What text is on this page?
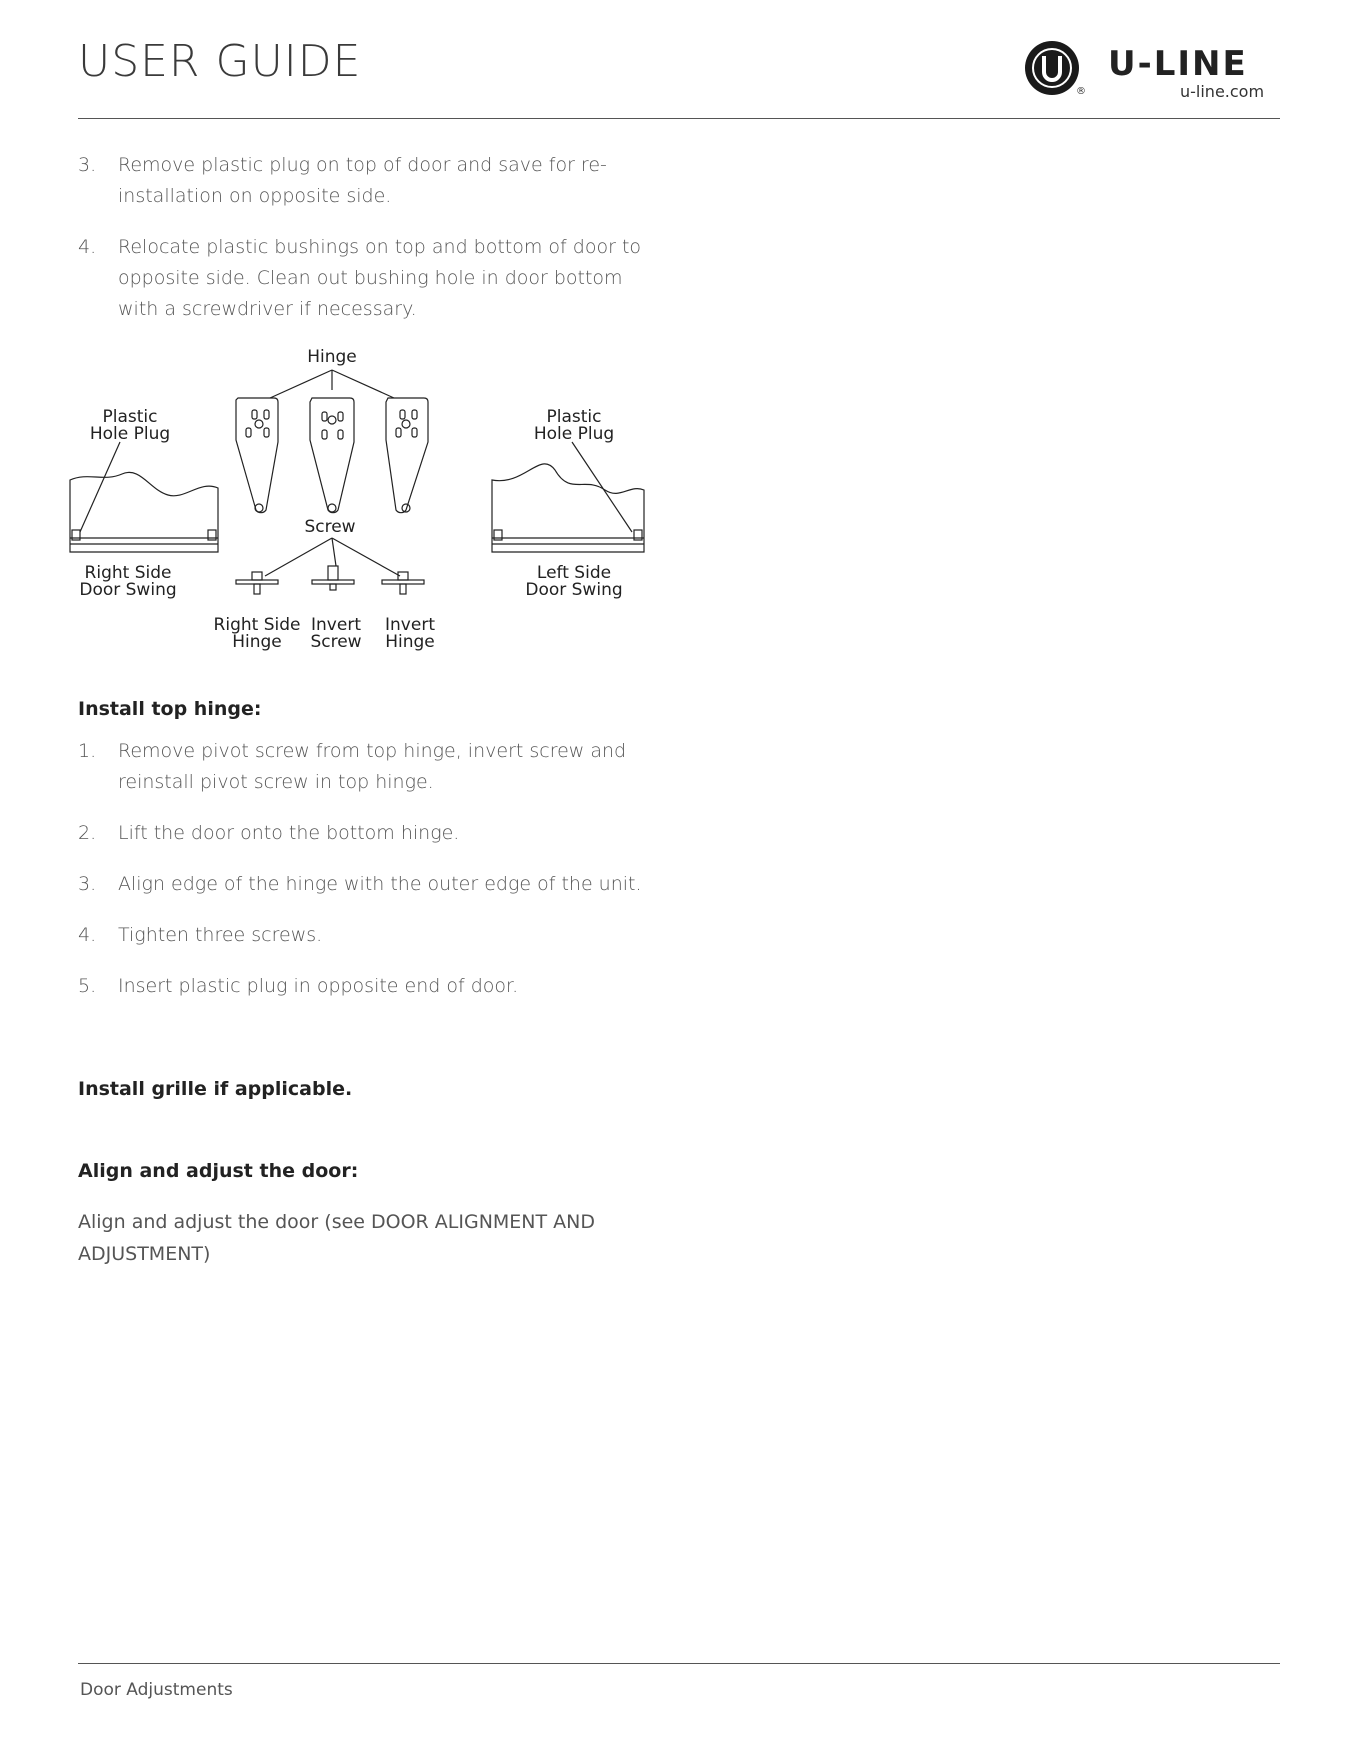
USER GUIDE
®
U-LINE
u-line.com
3. Remove plastic plug on top of door and save for re-installation on opposite side.
4. Relocate plastic bushings on top and bottom of door to opposite side. Clean out bushing hole in door bottom with a screwdriver if necessary.
Hinge
Plastic
Hole Plug
Plastic
Hole Plug
Screw
Right Side
Door Swing
Left Side
Door Swing
Right Side
Hinge
Invert
Screw
Invert
Hinge
Install top hinge:
1. Remove pivot screw from top hinge, invert screw and reinstall pivot screw in top hinge.
2. Lift the door onto the bottom hinge.
3. Align edge of the hinge with the outer edge of the unit.
4. Tighten three screws.
5. Insert plastic plug in opposite end of door.
Install grille if applicable.
Align and adjust the door:
Align and adjust the door (see DOOR ALIGNMENT AND ADJUSTMENT)
Door Adjustments
